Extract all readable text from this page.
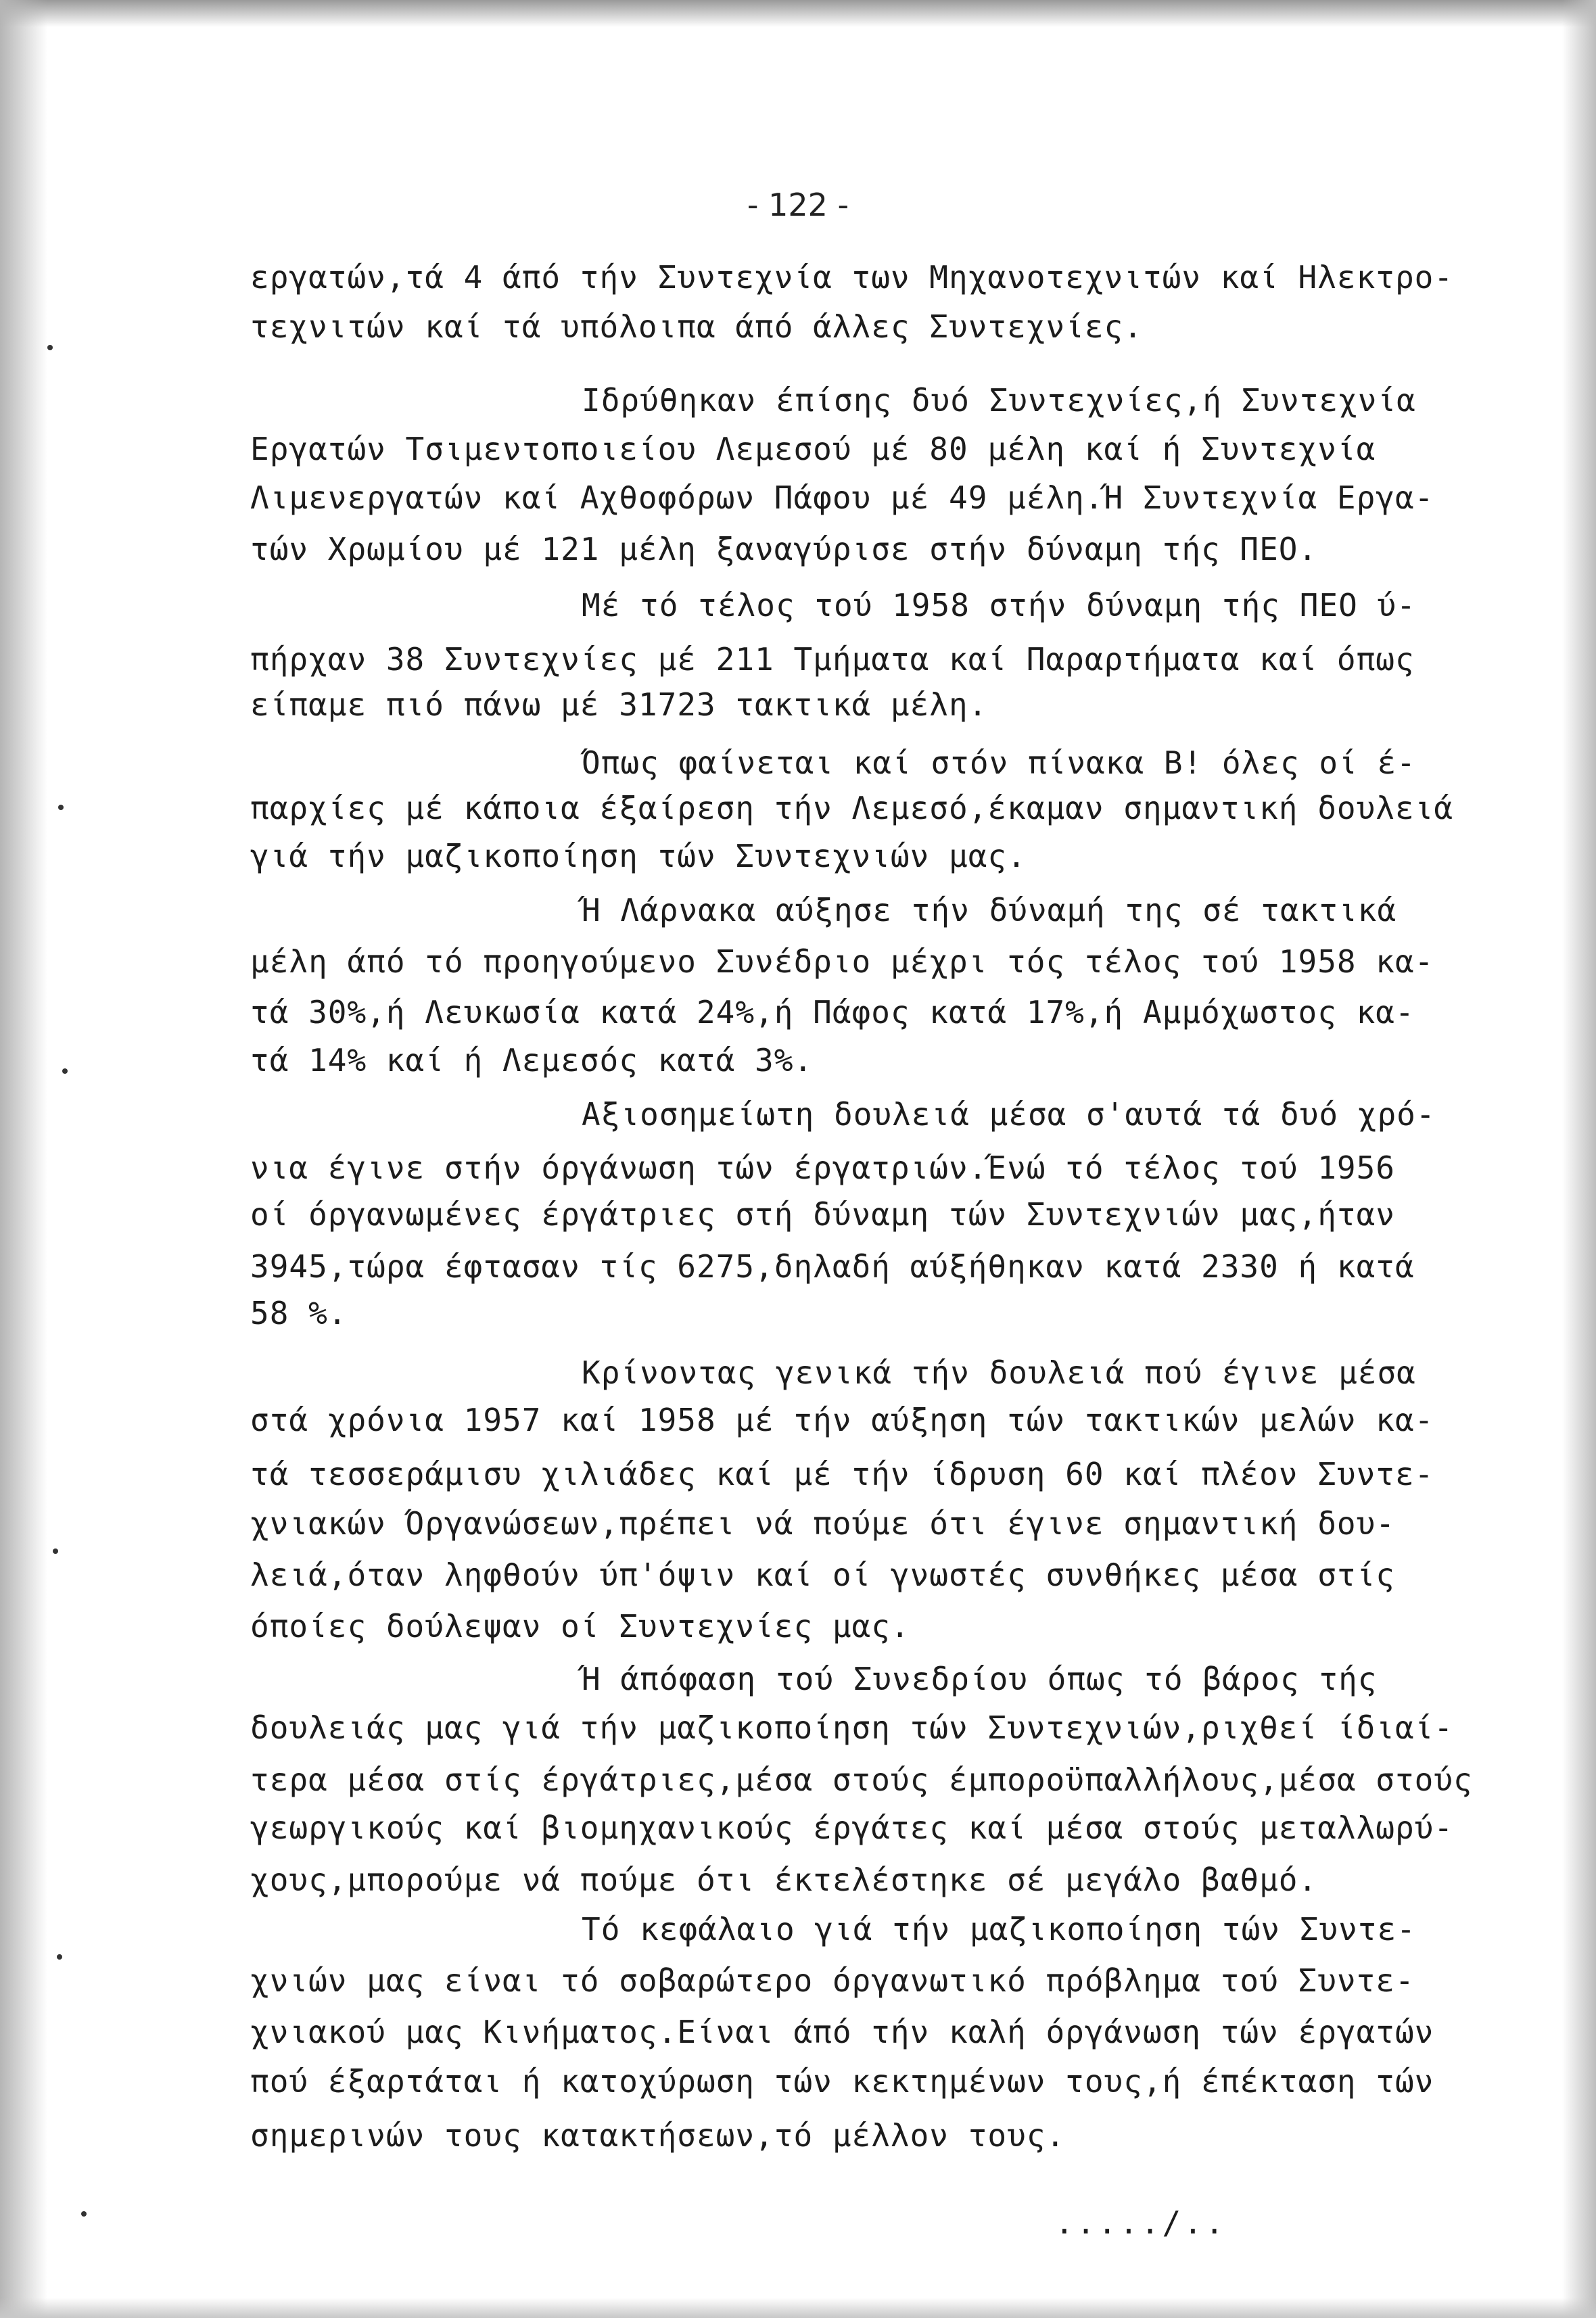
- 122 -
εργατών,τά 4 άπό τήν Συντεχνία των Μηχανοτεχνιτών καί Ηλεκτρο-
τεχνιτών καί τά υπόλοιπα άπό άλλες Συντεχνίες.
Ιδρύθηκαν έπίσης δυό Συντεχνίες,ή Συντεχνία
Εργατών Τσιμεντοποιείου Λεμεσού μέ 80 μέλη καί ή Συντεχνία
Λιμενεργατών καί Αχθοφόρων Πάφου μέ 49 μέλη.Ή Συντεχνία Εργα-
τών Χρωμίου μέ 121 μέλη ξαναγύρισε στήν δύναμη τής ΠΕΟ.
Μέ τό τέλος τού 1958 στήν δύναμη τής ΠΕΟ ύ-
πήρχαν 38 Συντεχνίες μέ 211 Τμήματα καί Παραρτήματα καί όπως
είπαμε πιό πάνω μέ 31723 τακτικά μέλη.
Όπως φαίνεται καί στόν πίνακα Β! όλες οί έ-
παρχίες μέ κάποια έξαίρεση τήν Λεμεσό,έκαμαν σημαντική δουλειά
γιά τήν μαζικοποίηση τών Συντεχνιών μας.
Ή Λάρνακα αύξησε τήν δύναμή της σέ τακτικά
μέλη άπό τό προηγούμενο Συνέδριο μέχρι τός τέλος τού 1958 κα-
τά 30%,ή Λευκωσία κατά 24%,ή Πάφος κατά 17%,ή Αμμόχωστος κα-
τά 14% καί ή Λεμεσός κατά 3%.
Αξιοσημείωτη δουλειά μέσα σ'αυτά τά δυό χρό-
νια έγινε στήν όργάνωση τών έργατριών.Ένώ τό τέλος τού 1956
οί όργανωμένες έργάτριες στή δύναμη τών Συντεχνιών μας,ήταν
3945,τώρα έφτασαν τίς 6275,δηλαδή αύξήθηκαν κατά 2330 ή κατά
58 %.
Κρίνοντας γενικά τήν δουλειά πού έγινε μέσα
στά χρόνια 1957 καί 1958 μέ τήν αύξηση τών τακτικών μελών κα-
τά τεσσεράμισυ χιλιάδες καί μέ τήν ίδρυση 60 καί πλέον Συντε-
χνιακών Όργανώσεων,πρέπει νά πούμε ότι έγινε σημαντική δου-
λειά,όταν ληφθούν ύπ'όψιν καί οί γνωστές συνθήκες μέσα στίς
όποίες δούλεψαν οί Συντεχνίες μας.
Ή άπόφαση τού Συνεδρίου όπως τό βάρος τής
δουλειάς μας γιά τήν μαζικοποίηση τών Συντεχνιών,ριχθεί ίδιαί-
τερα μέσα στίς έργάτριες,μέσα στούς έμποροϋπαλλήλους,μέσα στούς
γεωργικούς καί βιομηχανικούς έργάτες καί μέσα στούς μεταλλωρύ-
χους,μπορούμε νά πούμε ότι έκτελέστηκε σέ μεγάλο βαθμό.
Τό κεφάλαιο γιά τήν μαζικοποίηση τών Συντε-
χνιών μας είναι τό σοβαρώτερο όργανωτικό πρόβλημα τού Συντε-
χνιακού μας Κινήματος.Είναι άπό τήν καλή όργάνωση τών έργατών
πού έξαρτάται ή κατοχύρωση τών κεκτημένων τους,ή έπέκταση τών
σημερινών τους κατακτήσεων,τό μέλλον τους.
...../..
